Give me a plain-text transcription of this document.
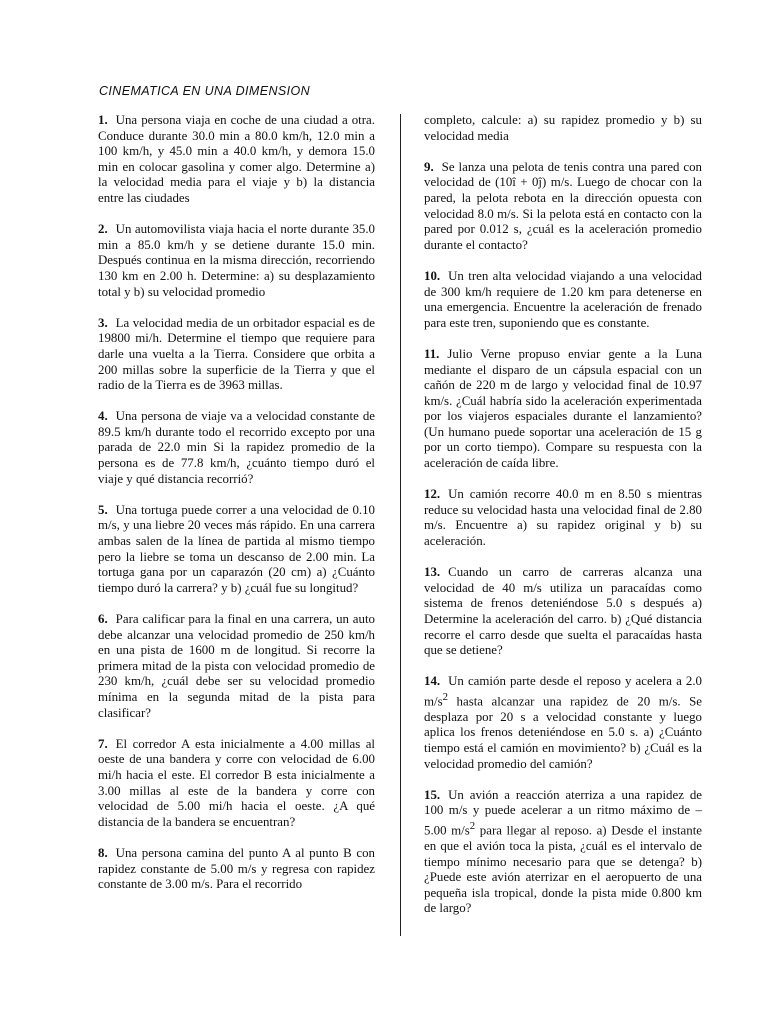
CINEMATICA EN UNA DIMENSION

1. Una persona viaja en coche de una ciudad a otra. Conduce durante 30.0 min a 80.0 km/h, 12.0 min a 100 km/h, y 45.0 min a 40.0 km/h, y demora 15.0 min en colocar gasolina y comer algo. Determine a) la velocidad media para el viaje y b) la distancia entre las ciudades

2. Un automovilista viaja hacia el norte durante 35.0 min a 85.0 km/h y se detiene durante 15.0 min. Después continua en la misma dirección, recorriendo 130 km en 2.00 h. Determine: a) su desplazamiento total y b) su velocidad promedio

3. La velocidad media de un orbitador espacial es de 19800 mi/h. Determine el tiempo que requiere para darle una vuelta a la Tierra. Considere que orbita a 200 millas sobre la superficie de la Tierra y que el radio de la Tierra es de 3963 millas.

4. Una persona de viaje va a velocidad constante de 89.5 km/h durante todo el recorrido excepto por una parada de 22.0 min Si la rapidez promedio de la persona es de 77.8 km/h, ¿cuánto tiempo duró el viaje y qué distancia recorrió?

5. Una tortuga puede correr a una velocidad de 0.10 m/s, y una liebre 20 veces más rápido. En una carrera ambas salen de la línea de partida al mismo tiempo pero la liebre se toma un descanso de 2.00 min. La tortuga gana por un caparazón (20 cm) a) ¿Cuánto tiempo duró la carrera? y b) ¿cuál fue su longitud?

6. Para calificar para la final en una carrera, un auto debe alcanzar una velocidad promedio de 250 km/h en una pista de 1600 m de longitud. Si recorre la primera mitad de la pista con velocidad promedio de 230 km/h, ¿cuál debe ser su velocidad promedio mínima en la segunda mitad de la pista para clasificar?

7. El corredor A esta inicialmente a 4.00 millas al oeste de una bandera y corre con velocidad de 6.00 mi/h hacia el este. El corredor B esta inicialmente a 3.00 millas al este de la bandera y corre con velocidad de 5.00 mi/h hacia el oeste. ¿A qué distancia de la bandera se encuentran?

8. Una persona camina del punto A al punto B con rapidez constante de 5.00 m/s y regresa con rapidez constante de 3.00 m/s. Para el recorrido

completo, calcule: a) su rapidez promedio y b) su velocidad media

9. Se lanza una pelota de tenis contra una pared con velocidad de (10î + 0ĵ) m/s. Luego de chocar con la pared, la pelota rebota en la dirección opuesta con velocidad 8.0 m/s. Si la pelota está en contacto con la pared por 0.012 s, ¿cuál es la aceleración promedio durante el contacto?

10. Un tren alta velocidad viajando a una velocidad de 300 km/h requiere de 1.20 km para detenerse en una emergencia. Encuentre la aceleración de frenado para este tren, suponiendo que es constante.

11. Julio Verne propuso enviar gente a la Luna mediante el disparo de un cápsula espacial con un cañón de 220 m de largo y velocidad final de 10.97 km/s. ¿Cuál habría sido la aceleración experimentada por los viajeros espaciales durante el lanzamiento? (Un humano puede soportar una aceleración de 15 g por un corto tiempo). Compare su respuesta con la aceleración de caída libre.

12. Un camión recorre 40.0 m en 8.50 s mientras reduce su velocidad hasta una velocidad final de 2.80 m/s. Encuentre a) su rapidez original y b) su aceleración.

13. Cuando un carro de carreras alcanza una velocidad de 40 m/s utiliza un paracaídas como sistema de frenos deteniéndose 5.0 s después a) Determine la aceleración del carro. b) ¿Qué distancia recorre el carro desde que suelta el paracaídas hasta que se detiene?

14. Un camión parte desde el reposo y acelera a 2.0 $m/s^2$ hasta alcanzar una rapidez de 20 m/s. Se desplaza por 20 s a velocidad constante y luego aplica los frenos deteniéndose en 5.0 s. a) ¿Cuánto tiempo está el camión en movimiento? b) ¿Cuál es la velocidad promedio del camión?

15. Un avión a reacción aterriza a una rapidez de 100 m/s y puede acelerar a un ritmo máximo de – 5.00 $m/s^2$ para llegar al reposo. a) Desde el instante en que el avión toca la pista, ¿cuál es el intervalo de tiempo mínimo necesario para que se detenga? b) ¿Puede este avión aterrizar en el aeropuerto de una pequeña isla tropical, donde la pista mide 0.800 km de largo?
